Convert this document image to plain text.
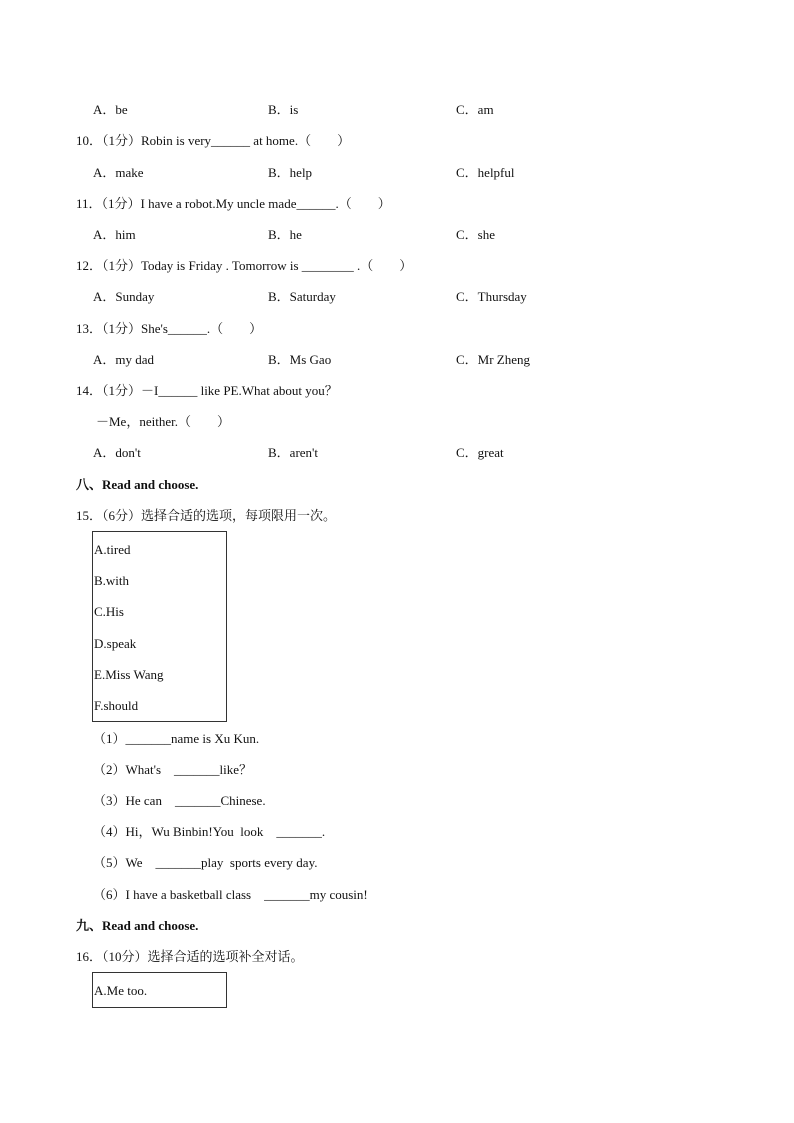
A．be	B．is	C．am
10．（1分）Robin is very______ at home.（　　）
A．make	B．help	C．helpful
11．（1分）I have a robot.My uncle made______.（　　）
A．him	B．he	C．she
12．（1分）Today is Friday . Tomorrow is ________ .（　　）
A．Sunday	B．Saturday	C．Thursday
13．（1分）She's______.（　　）
A．my dad	B．Ms Gao	C．Mr Zheng
14．（1分）－I______ like PE.What about you？
－Me，neither.（　　）
A．don't	B．aren't	C．great
八、Read and choose.
15．（6分）选择合适的选项，每项限用一次。
A.tired
B.with
C.His
D.speak
E.Miss Wang
F.should
（1）_______name is Xu Kun.
（2）What's　_______like？
（3）He can　_______Chinese.
（4）Hi，Wu Binbin!You  look　_______.
（5）We　_______play  sports every day.
（6）I have a basketball class　_______my cousin!
九、Read and choose.
16．（10分）选择合适的选项补全对话。
A.Me too.
